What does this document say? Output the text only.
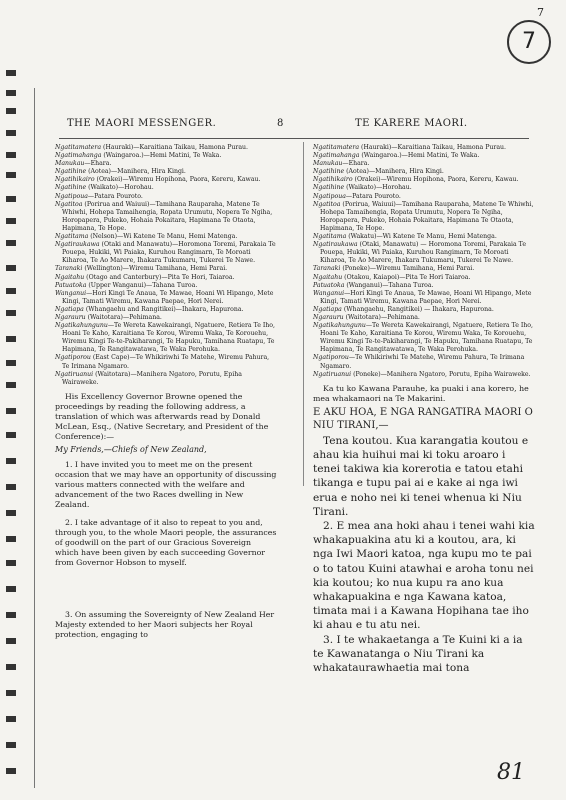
7
7
THE MAORI MESSENGER.	8	TE KARERE MAORI.

Ngatitamatera (Hauraki)—Karaitiana Taikau, Hamona Purau.

Ngatimahanga (Waingaroa.)—Hemi Matini, Te Waka.

Manukau—Ehara.

Ngatihine (Aotea)—Manihera, Hira Kingi.

Ngatihikairo (Orakei)—Wiremu Hopihona, Paora, Kereru, Kawau.

Ngatihine (Waikato)—Horohau.

Ngatipoua—Patara Pouroto.

Ngatitoa (Porirua and Waiuui)—Tamihana Rauparaha, Matene Te Whiwhi, Hohepa Tamaihengia, Ropata Urumutu, Nopera Te Ngiha, Horopapera, Pukeko, Hohaia Pokaitara, Hapimana Te Otaota, Hapimana, Te Hope.

Ngatitama (Nelson)—Wi Katene Te Manu, Hemi Matenga.

Ngatiraukawa (Otaki and Manawatu)—Horomona Toremi, Parakaia Te Pouepa, Hukiki, Wi Paiaka, Kuruhou Rangimarn, Te Moroati Kiharoa, Te Ao Marere, Ihakara Tukumaru, Tukerei Te Nawe.

Taranaki (Wellington)—Wiremu Tamihana, Hemi Parai.

Ngaitahu (Otago and Canterbury)—Pita Te Hori, Taiaroa.

Patuatoka (Upper Wanganui)—Tahana Turoa.

Wanganui—Hori Kingi Te Anaua, Te Mawae, Hoani Wi Hipango, Mete Kingi, Tamati Wiremu, Kawana Paepae, Hori Nerei.

Ngatiapa (Whangaehu and Rangitikei)—Ihakara, Hapurona.

Ngarauru (Waitotara)—Pehimana.

Ngatikahungunu—Te Wereta Kawekairangi, Ngatuere, Retiera Te Iho, Hoani Te Kaho, Karaitiana Te Korou, Wiremu Waka, Te Korouehu, Wiremu Kingi Te-te-Pakiharangi, Te Hapuku, Tamihana Ruatapu, Te Hapimana, Te Rangitawatawa, Te Waka Perohuka.

Ngatiporou (East Cape)—Te Whikiriwhi Te Matehe, Wiremu Pahura, Te Irimana Ngamaro.

Ngatiruanui (Waitotara)—Manihera Ngatoro, Porutu, Epiha Wairaweke.

His Excellency Governor Browne opened the proceedings by reading the following address, a translation of which was afterwards read by Donald McLean, Esq., (Native Secretary, and President of the Conference):—

My Friends,—Chiefs of New Zealand,

1. I have invited you to meet me on the present occasion that we may have an opportunity of discussing various matters connected with the welfare and advancement of the two Races dwelling in New Zealand.

2. I take advantage of it also to repeat to you and, through you, to the whole Maori people, the assurances of goodwill on the part of our Gracious Sovereign which have been given by each succeeding Governor from Governor Hobson to myself.

3. On assuming the Sovereignty of New Zealand Her Majesty extended to her Maori subjects her Royal protection, engaging to

Ngatitamatera (Hauraki)—Karaitiana Taikau, Hamona Purau.

Ngatimahanga (Waingaroa.)—Hemi Matini, Te Waka.

Manukau—Ehara.

Ngatihine (Aotea)—Manihera, Hira Kingi.

Ngatihikairo (Orakei)—Wiremu Hopihona, Paora, Kereru, Kawau.

Ngatihine (Waikato)—Horohau.

Ngatipoua—Patara Pouroto.

Ngatitoa (Porirua, Waiuui)—Tamihana Rauparaha, Matene Te Whiwhi, Hohepa Tamaihengia, Ropata Urumutu, Nopera Te Ngiha, Horopapera, Pukeko, Hohaia Pokaitara, Hapimana Te Otaota, Hapimana, Te Hope.

Ngatitama (Wakatu)—Wi Katene Te Manu, Hemi Matenga.

Ngatiraukawa (Otaki, Manawatu) — Horomona Toremi, Parakaia Te Pouepa, Hukiki, Wi Paiaka, Kuruhou Rangimarn, Te Moroati Kiharoa, Te Ao Marere, Ihakara Tukumaru, Tukerei Te Nawe.

Taranaki (Poneke)—Wiremu Tamihana, Hemi Parai.

Ngaitahu (Otakou, Kaiapoi)—Pita Te Hori Taiaroa.

Patuatoka (Wanganui)—Tahana Turoa.

Wanganui—Hori Kingi Te Anaua, Te Mawae, Hoani Wi Hipango, Mete Kingi, Tamati Wiremu, Kawana Paepae, Hori Nerei.

Ngatiapa (Whangaehu, Rangitikei) — Ihakara, Hapurona.

Ngarauru (Waitotara)—Pehimana.

Ngatikahungunu—Te Wereta Kawekairangi, Ngatuere, Retiera Te Iho, Hoani Te Kaho, Karaitiana Te Korou, Wiremu Waka, Te Korouehu, Wiremu Kingi Te-te-Pakiharangi, Te Hapuku, Tamihana Ruatapu, Te Hapimana, Te Rangitawatawa, Te Waka Perohuka.

Ngatiporou—Te Whikiriwhi Te Matehe, Wiremu Pahura, Te Irimana Ngamaro.

Ngatiruanui (Poneke)—Manihera Ngatoro, Porutu, Epiha Wairaweke.

Ka tu ko Kawana Parauhe, ka puaki i ana korero, he mea whakamaori na Te Makarini.

E AKU HOA, E NGA RANGATIRA MAORI O NIU TIRANI,—

Tena koutou. Kua karangatia koutou e ahau kia huihui mai ki toku aroaro i tenei takiwa kia korerotia e tatou etahi tikanga e tupu pai ai e kake ai nga iwi erua e noho nei ki tenei whenua ki Niu Tirani.

2. E mea ana hoki ahau i tenei wahi kia whakapuakina atu ki a koutou, ara, ki nga Iwi Maori katoa, nga kupu mo te pai o to tatou Kuini atawhai e aroha tonu nei kia koutou; ko nua kupu ra ano kua whakapuakina e nga Kawana katoa, timata mai i a Kawana Hopihana tae iho ki ahau e tu atu nei.

3. I te whakaetanga a Te Kuini ki a ia te Kawanatanga o Niu Tirani ka whakataurawhaetia mai tona

81
